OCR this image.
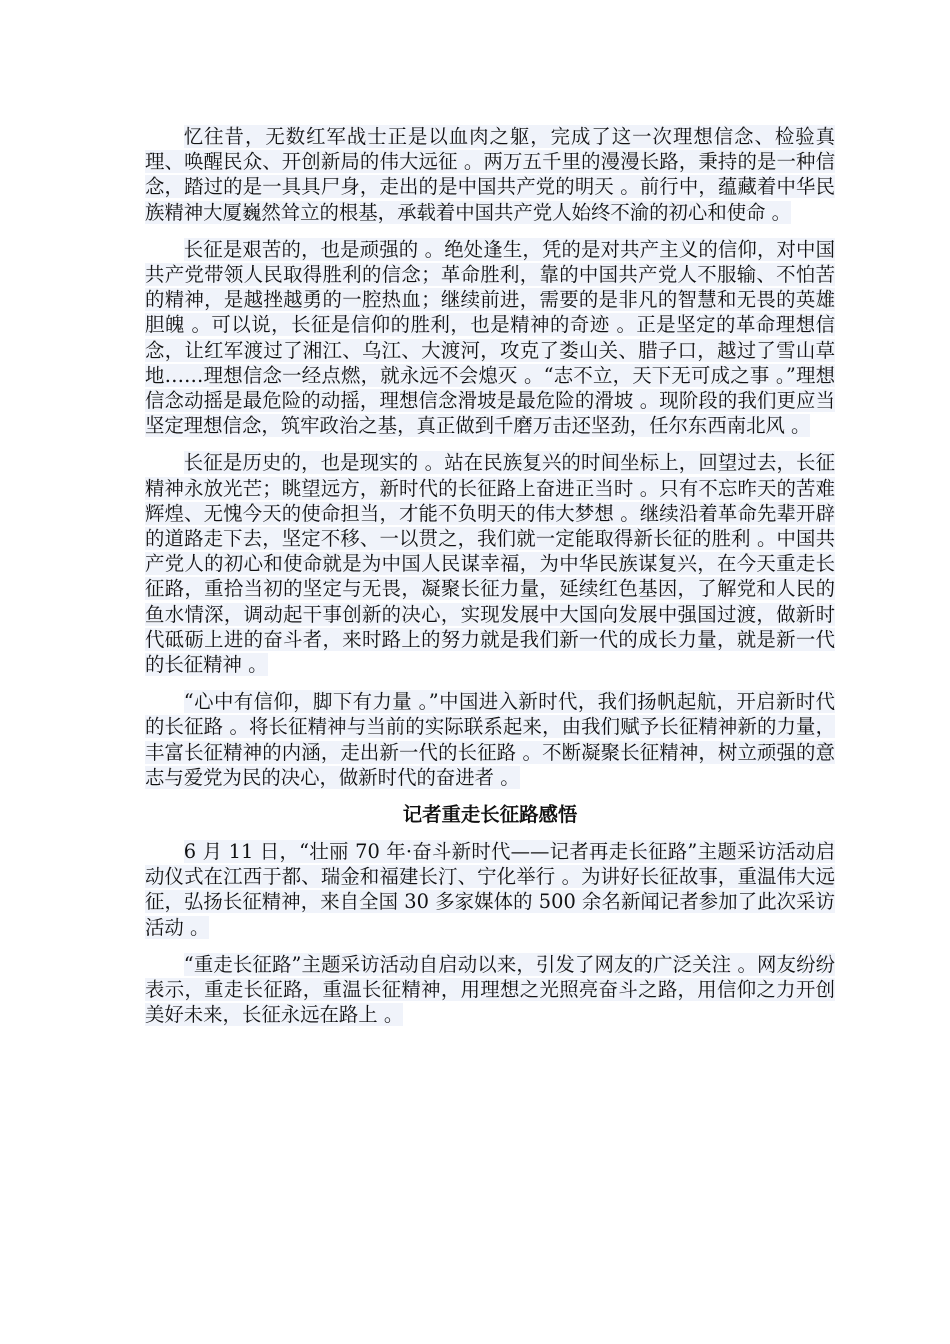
忆往昔，无数红军战士正是以血肉之躯，完成了这一次理想信念、检验真理、唤醒民众、开创新局的伟大远征 。两万五千里的漫漫长路，秉持的是一种信念，踏过的是一具具尸身，走出的是中国共产党的明天 。前行中，蕴藏着中华民族精神大厦巍然耸立的根基，承载着中国共产党人始终不渝的初心和使命 。

长征是艰苦的，也是顽强的 。绝处逢生，凭的是对共产主义的信仰，对中国共产党带领人民取得胜利的信念；革命胜利，靠的中国共产党人不服输、不怕苦的精神，是越挫越勇的一腔热血；继续前进，需要的是非凡的智慧和无畏的英雄胆魄 。可以说，长征是信仰的胜利，也是精神的奇迹 。正是坚定的革命理想信念，让红军渡过了湘江、乌江、大渡河，攻克了娄山关、腊子口，越过了雪山草地……理想信念一经点燃，就永远不会熄灭 。“志不立，天下无可成之事 。”理想信念动摇是最危险的动摇，理想信念滑坡是最危险的滑坡 。现阶段的我们更应当坚定理想信念，筑牢政治之基，真正做到千磨万击还坚劲，任尔东西南北风 。

长征是历史的，也是现实的 。站在民族复兴的时间坐标上，回望过去，长征精神永放光芒；眺望远方，新时代的长征路上奋进正当时 。只有不忘昨天的苦难辉煌、无愧今天的使命担当，才能不负明天的伟大梦想 。继续沿着革命先辈开辟的道路走下去，坚定不移、一以贯之，我们就一定能取得新长征的胜利 。中国共产党人的初心和使命就是为中国人民谋幸福，为中华民族谋复兴，在今天重走长征路，重拾当初的坚定与无畏，凝聚长征力量，延续红色基因，了解党和人民的鱼水情深，调动起干事创新的决心，实现发展中大国向发展中强国过渡，做新时代砥砺上进的奋斗者，来时路上的努力就是我们新一代的成长力量，就是新一代的长征精神 。

“心中有信仰，脚下有力量 。”中国进入新时代，我们扬帆起航，开启新时代的长征路 。将长征精神与当前的实际联系起来，由我们赋予长征精神新的力量，丰富长征精神的内涵，走出新一代的长征路 。不断凝聚长征精神，树立顽强的意志与爱党为民的决心，做新时代的奋进者 。

记者重走长征路感悟

6 月 11 日，“壮丽 70 年·奋斗新时代——记者再走长征路”主题采访活动启动仪式在江西于都、瑞金和福建长汀、宁化举行 。为讲好长征故事，重温伟大远征，弘扬长征精神，来自全国 30 多家媒体的 500 余名新闻记者参加了此次采访活动 。

“重走长征路”主题采访活动自启动以来，引发了网友的广泛关注 。网友纷纷表示，重走长征路，重温长征精神，用理想之光照亮奋斗之路，用信仰之力开创美好未来，长征永远在路上 。
